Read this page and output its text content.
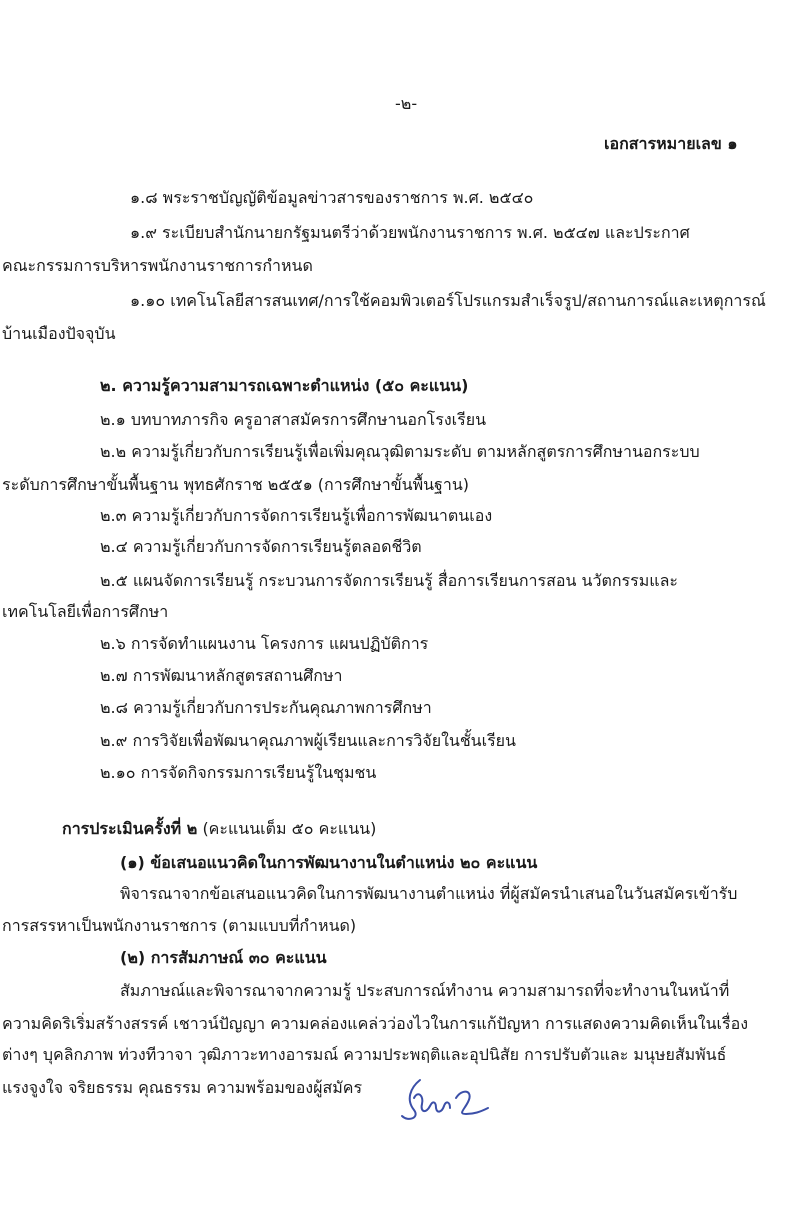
-๒-
เอกสารหมายเลข ๑
๑.๘ พระราชบัญญัติข้อมูลข่าวสารของราชการ พ.ศ. ๒๕๔๐
๑.๙ ระเบียบสำนักนายกรัฐมนตรีว่าด้วยพนักงานราชการ พ.ศ. ๒๕๔๗ และประกาศ
คณะกรรมการบริหารพนักงานราชการกำหนด
๑.๑๐ เทคโนโลยีสารสนเทศ/การใช้คอมพิวเตอร์โปรแกรมสำเร็จรูป/สถานการณ์และเหตุการณ์
บ้านเมืองปัจจุบัน
๒. ความรู้ความสามารถเฉพาะตำแหน่ง (๕๐ คะแนน)
๒.๑ บทบาทภารกิจ ครูอาสาสมัครการศึกษานอกโรงเรียน
๒.๒ ความรู้เกี่ยวกับการเรียนรู้เพื่อเพิ่มคุณวุฒิตามระดับ ตามหลักสูตรการศึกษานอกระบบ
ระดับการศึกษาขั้นพื้นฐาน พุทธศักราช ๒๕๕๑ (การศึกษาขั้นพื้นฐาน)
๒.๓ ความรู้เกี่ยวกับการจัดการเรียนรู้เพื่อการพัฒนาตนเอง
๒.๔ ความรู้เกี่ยวกับการจัดการเรียนรู้ตลอดชีวิต
๒.๕ แผนจัดการเรียนรู้ กระบวนการจัดการเรียนรู้ สื่อการเรียนการสอน นวัตกรรมและ
เทคโนโลยีเพื่อการศึกษา
๒.๖ การจัดทำแผนงาน โครงการ แผนปฏิบัติการ
๒.๗ การพัฒนาหลักสูตรสถานศึกษา
๒.๘ ความรู้เกี่ยวกับการประกันคุณภาพการศึกษา
๒.๙ การวิจัยเพื่อพัฒนาคุณภาพผู้เรียนและการวิจัยในชั้นเรียน
๒.๑๐ การจัดกิจกรรมการเรียนรู้ในชุมชน
การประเมินครั้งที่ ๒ (คะแนนเต็ม ๕๐ คะแนน)
(๑) ข้อเสนอแนวคิดในการพัฒนางานในตำแหน่ง ๒๐ คะแนน
พิจารณาจากข้อเสนอแนวคิดในการพัฒนางานตำแหน่ง ที่ผู้สมัครนำเสนอในวันสมัครเข้ารับ
การสรรหาเป็นพนักงานราชการ (ตามแบบที่กำหนด)
(๒) การสัมภาษณ์ ๓๐ คะแนน
สัมภาษณ์และพิจารณาจากความรู้ ประสบการณ์ทำงาน ความสามารถที่จะทำงานในหน้าที่
ความคิดริเริ่มสร้างสรรค์ เชาวน์ปัญญา ความคล่องแคล่วว่องไวในการแก้ปัญหา การแสดงความคิดเห็นในเรื่อง
ต่างๆ บุคลิกภาพ ท่วงทีวาจา วุฒิภาวะทางอารมณ์ ความประพฤติและอุปนิสัย การปรับตัวและ มนุษยสัมพันธ์
แรงจูงใจ จริยธรรม คุณธรรม ความพร้อมของผู้สมัคร
